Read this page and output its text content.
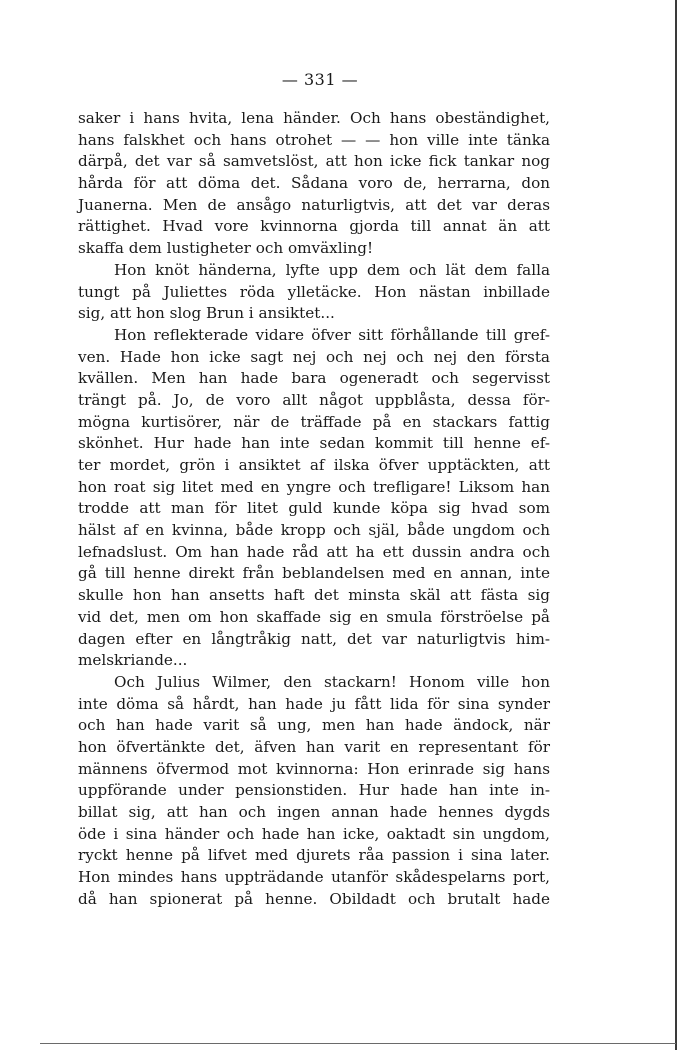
— 331 —
saker i hans hvita, lena händer. Och hans obeständighet,
hans falskhet och hans otrohet — — hon ville inte tänka
därpå, det var så samvetslöst, att hon icke fick tankar nog
hårda för att döma det. Sådana voro de, herrarna, don
Juanerna. Men de ansågo naturligtvis, att det var deras
rättighet. Hvad vore kvinnorna gjorda till annat än att
skaffa dem lustigheter och omväxling!
Hon knöt händerna, lyfte upp dem och lät dem falla
tungt på Juliettes röda ylletäcke. Hon nästan inbillade
sig, att hon slog Brun i ansiktet...
Hon reflekterade vidare öfver sitt förhållande till gref-
ven. Hade hon icke sagt nej och nej och nej den första
kvällen. Men han hade bara ogeneradt och segervisst
trängt på. Jo, de voro allt något uppblåsta, dessa för-
mögna kurtisörer, när de träffade på en stackars fattig
skönhet. Hur hade han inte sedan kommit till henne ef-
ter mordet, grön i ansiktet af ilska öfver upptäckten, att
hon roat sig litet med en yngre och trefligare! Liksom han
trodde att man för litet guld kunde köpa sig hvad som
hälst af en kvinna, både kropp och själ, både ungdom och
lefnadslust. Om han hade råd att ha ett dussin andra och
gå till henne direkt från beblandelsen med en annan, inte
skulle hon han ansetts haft det minsta skäl att fästa sig
vid det, men om hon skaffade sig en smula förströelse på
dagen efter en långtråkig natt, det var naturligtvis him-
melskriande...
Och Julius Wilmer, den stackarn! Honom ville hon
inte döma så hårdt, han hade ju fått lida för sina synder
och han hade varit så ung, men han hade ändock, när
hon öfvertänkte det, äfven han varit en representant för
männens öfvermod mot kvinnorna: Hon erinrade sig hans
uppförande under pensionstiden. Hur hade han inte in-
billat sig, att han och ingen annan hade hennes dygds
öde i sina händer och hade han icke, oaktadt sin ungdom,
ryckt henne på lifvet med djurets råa passion i sina later.
Hon mindes hans uppträdande utanför skådespelarns port,
då han spionerat på henne. Obildadt och brutalt hade
